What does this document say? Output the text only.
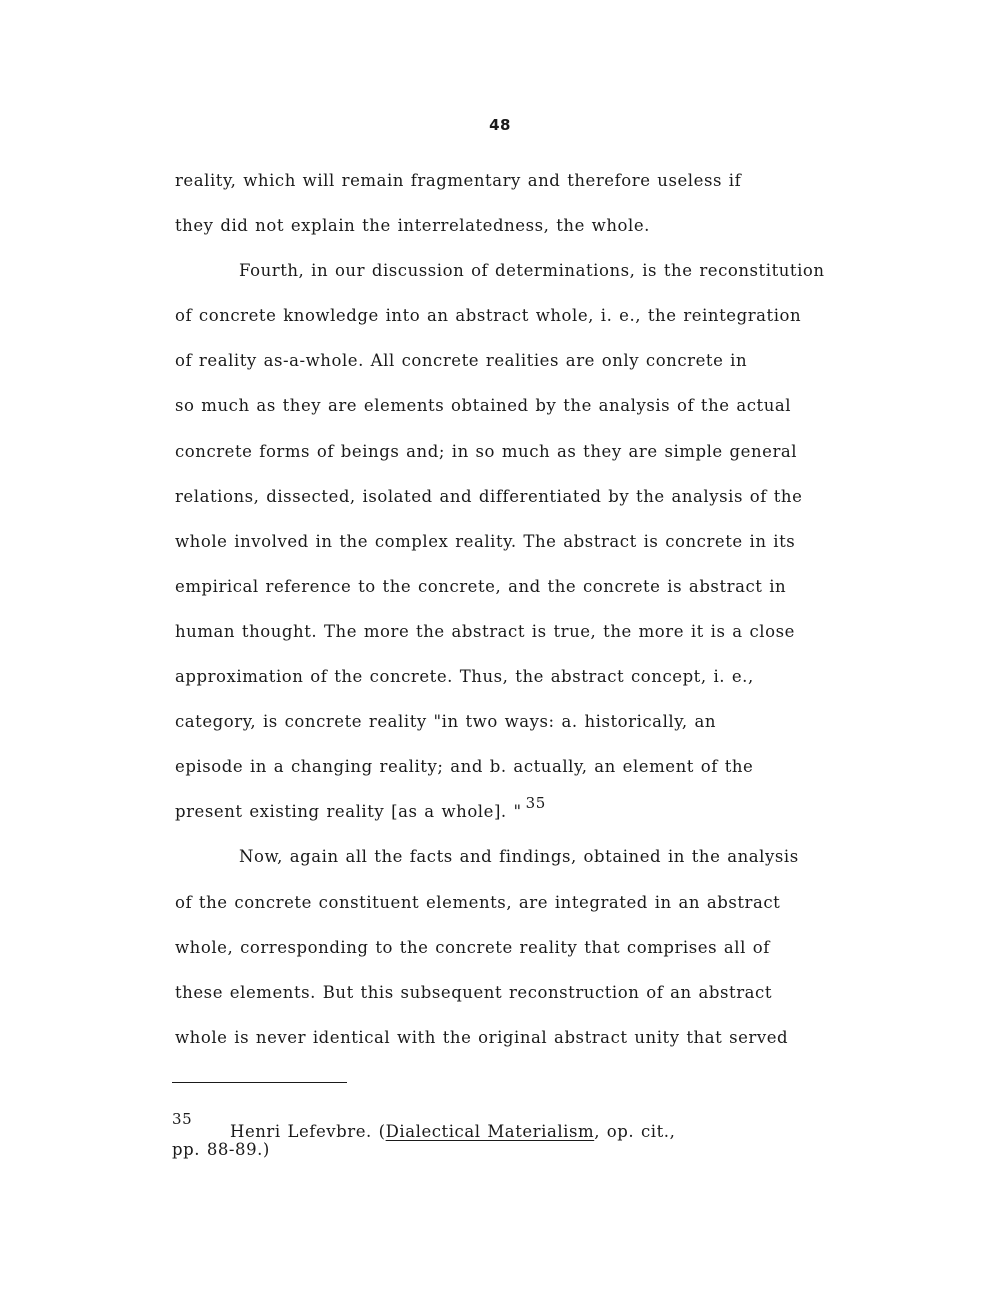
48
reality, which will remain fragmentary and therefore useless if
they did not explain the interrelatedness, the whole.
Fourth, in our discussion of determinations, is the reconstitution
of concrete knowledge into an abstract whole, i. e., the reintegration
of reality as-a-whole. All concrete realities are only concrete in
so much as they are elements obtained by the analysis of the actual
concrete forms of beings and; in so much as they are simple general
relations, dissected, isolated and differentiated by the analysis of the
whole involved in the complex reality. The abstract is concrete in its
empirical reference to the concrete, and the concrete is abstract in
human thought. The more the abstract is true, the more it is a close
approximation of the concrete. Thus, the abstract concept, i. e.,
category, is concrete reality "in two ways: a. historically, an
episode in a changing reality; and b. actually, an element of the
present existing reality [as a whole]. " $^{35}$
Now, again all the facts and findings, obtained in the analysis
of the concrete constituent elements, are integrated in an abstract
whole, corresponding to the concrete reality that comprises all of
these elements. But this subsequent reconstruction of an abstract
whole is never identical with the original abstract unity that served
35
Henri Lefevbre. (Dialectical Materialism, op. cit.,
pp. 88-89.)
